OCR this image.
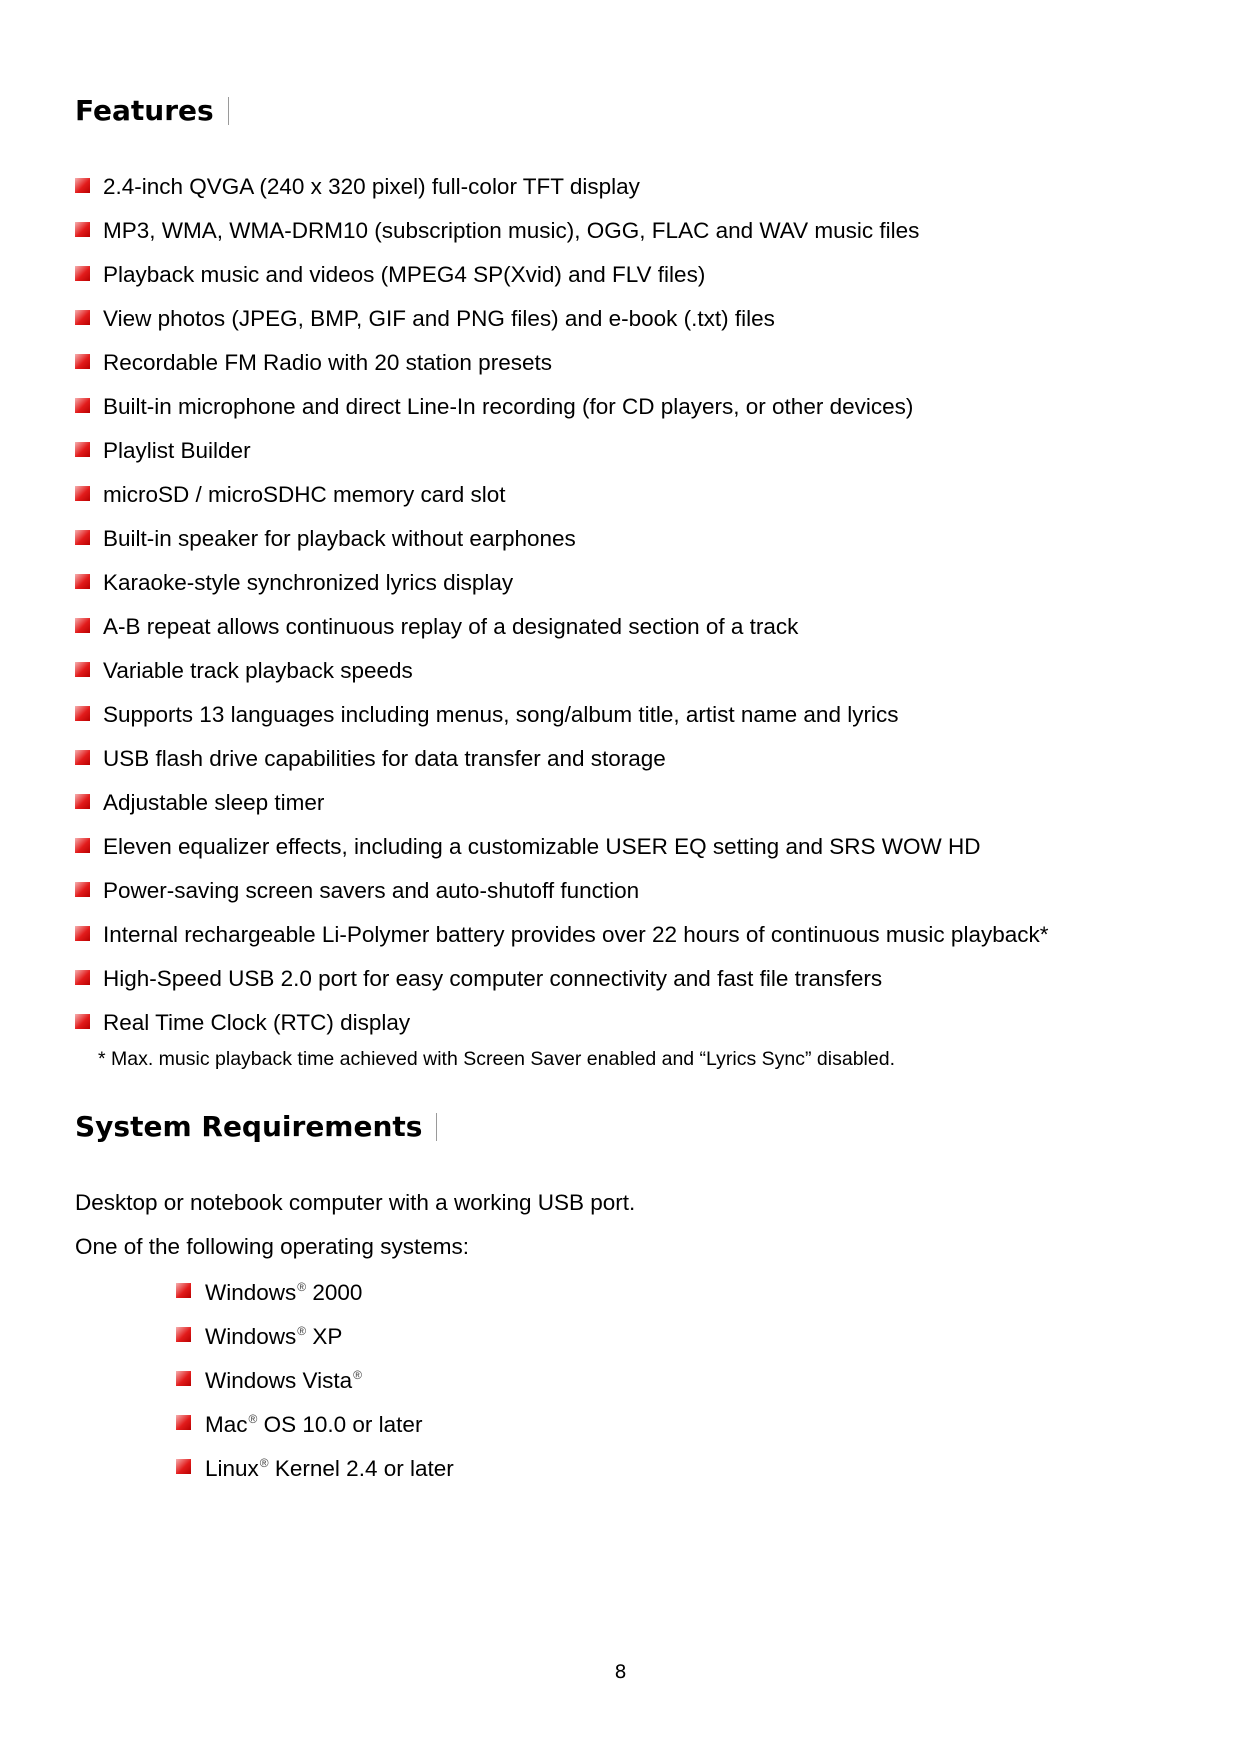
Features
2.4-inch QVGA (240 x 320 pixel) full-color TFT display
MP3, WMA, WMA-DRM10 (subscription music), OGG, FLAC and WAV music files
Playback music and videos (MPEG4 SP(Xvid) and FLV files)
View photos (JPEG, BMP, GIF and PNG files) and e-book (.txt) files
Recordable FM Radio with 20 station presets
Built-in microphone and direct Line-In recording (for CD players, or other devices)
Playlist Builder
microSD / microSDHC memory card slot
Built-in speaker for playback without earphones
Karaoke-style synchronized lyrics display
A-B repeat allows continuous replay of a designated section of a track
Variable track playback speeds
Supports 13 languages including menus, song/album title, artist name and lyrics
USB flash drive capabilities for data transfer and storage
Adjustable sleep timer
Eleven equalizer effects, including a customizable USER EQ setting and SRS WOW HD
Power-saving screen savers and auto-shutoff function
Internal rechargeable Li-Polymer battery provides over 22 hours of continuous music playback*
High-Speed USB 2.0 port for easy computer connectivity and fast file transfers
Real Time Clock (RTC) display
* Max. music playback time achieved with Screen Saver enabled and “Lyrics Sync” disabled.
System Requirements
Desktop or notebook computer with a working USB port.
One of the following operating systems:
Windows® 2000
Windows® XP
Windows Vista®
Mac® OS 10.0 or later
Linux® Kernel 2.4 or later
8
